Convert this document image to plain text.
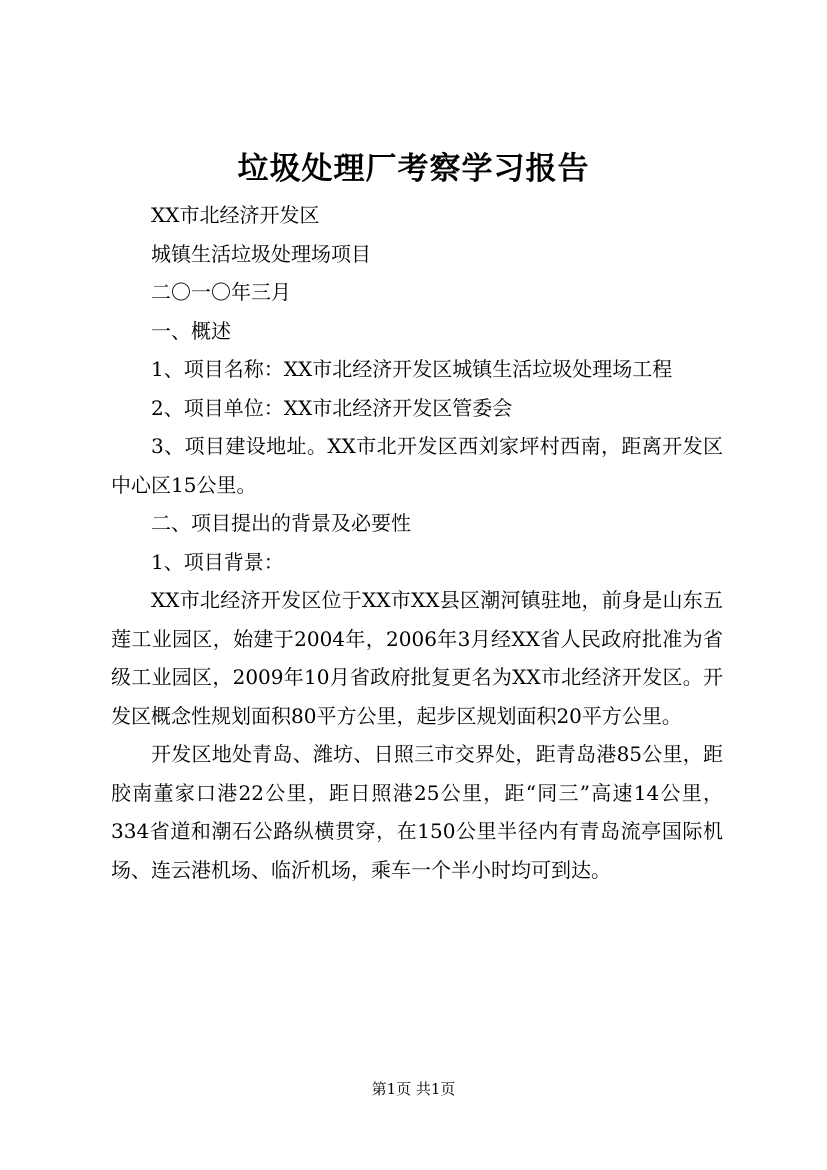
垃圾处理厂考察学习报告

XX市北经济开发区

城镇生活垃圾处理场项目

二〇一〇年三月

一、概述

1、项目名称：XX市北经济开发区城镇生活垃圾处理场工程

2、项目单位：XX市北经济开发区管委会

3、项目建设地址。XX市北开发区西刘家坪村西南，距离开发区中心区15公里。

二、项目提出的背景及必要性

1、项目背景：

XX市北经济开发区位于XX市XX县区潮河镇驻地，前身是山东五莲工业园区，始建于2004年，2006年3月经XX省人民政府批准为省级工业园区，2009年10月省政府批复更名为XX市北经济开发区。开发区概念性规划面积80平方公里，起步区规划面积20平方公里。

开发区地处青岛、潍坊、日照三市交界处，距青岛港85公里，距胶南董家口港22公里，距日照港25公里，距“同三”高速14公里，334省道和潮石公路纵横贯穿，在150公里半径内有青岛流亭国际机场、连云港机场、临沂机场，乘车一个半小时均可到达。

第1页 共1页
